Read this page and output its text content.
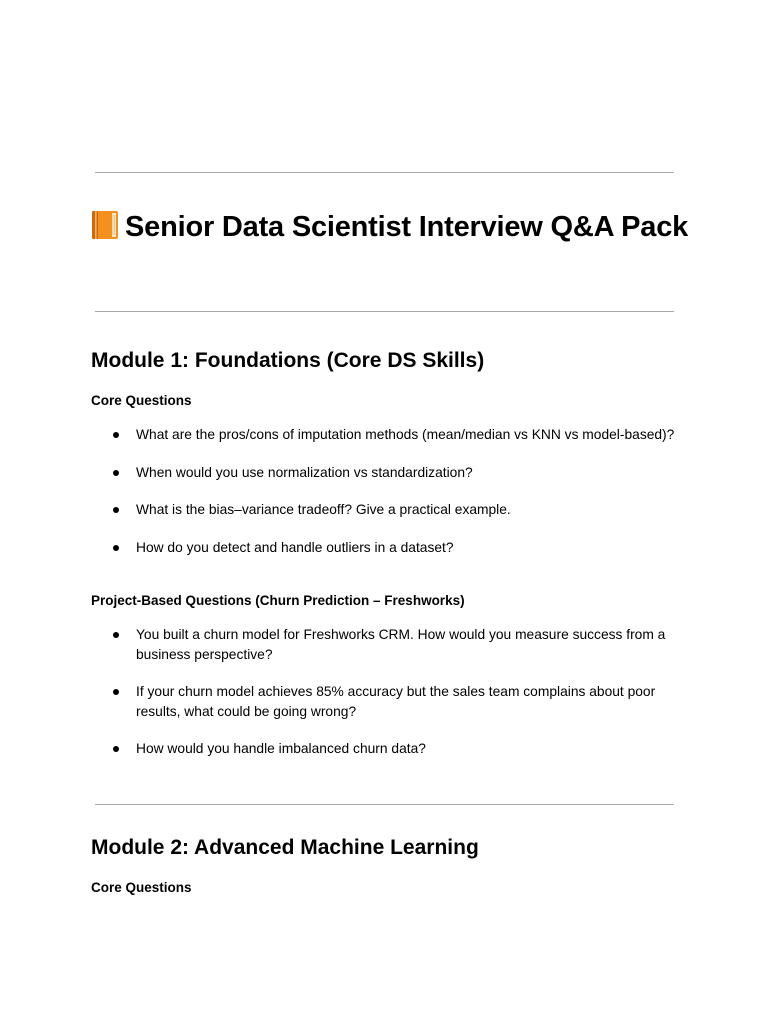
Senior Data Scientist Interview Q&A Pack
Module 1: Foundations (Core DS Skills)
Core Questions
What are the pros/cons of imputation methods (mean/median vs KNN vs model-based)?
When would you use normalization vs standardization?
What is the bias–variance tradeoff? Give a practical example.
How do you detect and handle outliers in a dataset?
Project-Based Questions (Churn Prediction – Freshworks)
You built a churn model for Freshworks CRM. How would you measure success from a business perspective?
If your churn model achieves 85% accuracy but the sales team complains about poor results, what could be going wrong?
How would you handle imbalanced churn data?
Module 2: Advanced Machine Learning
Core Questions
